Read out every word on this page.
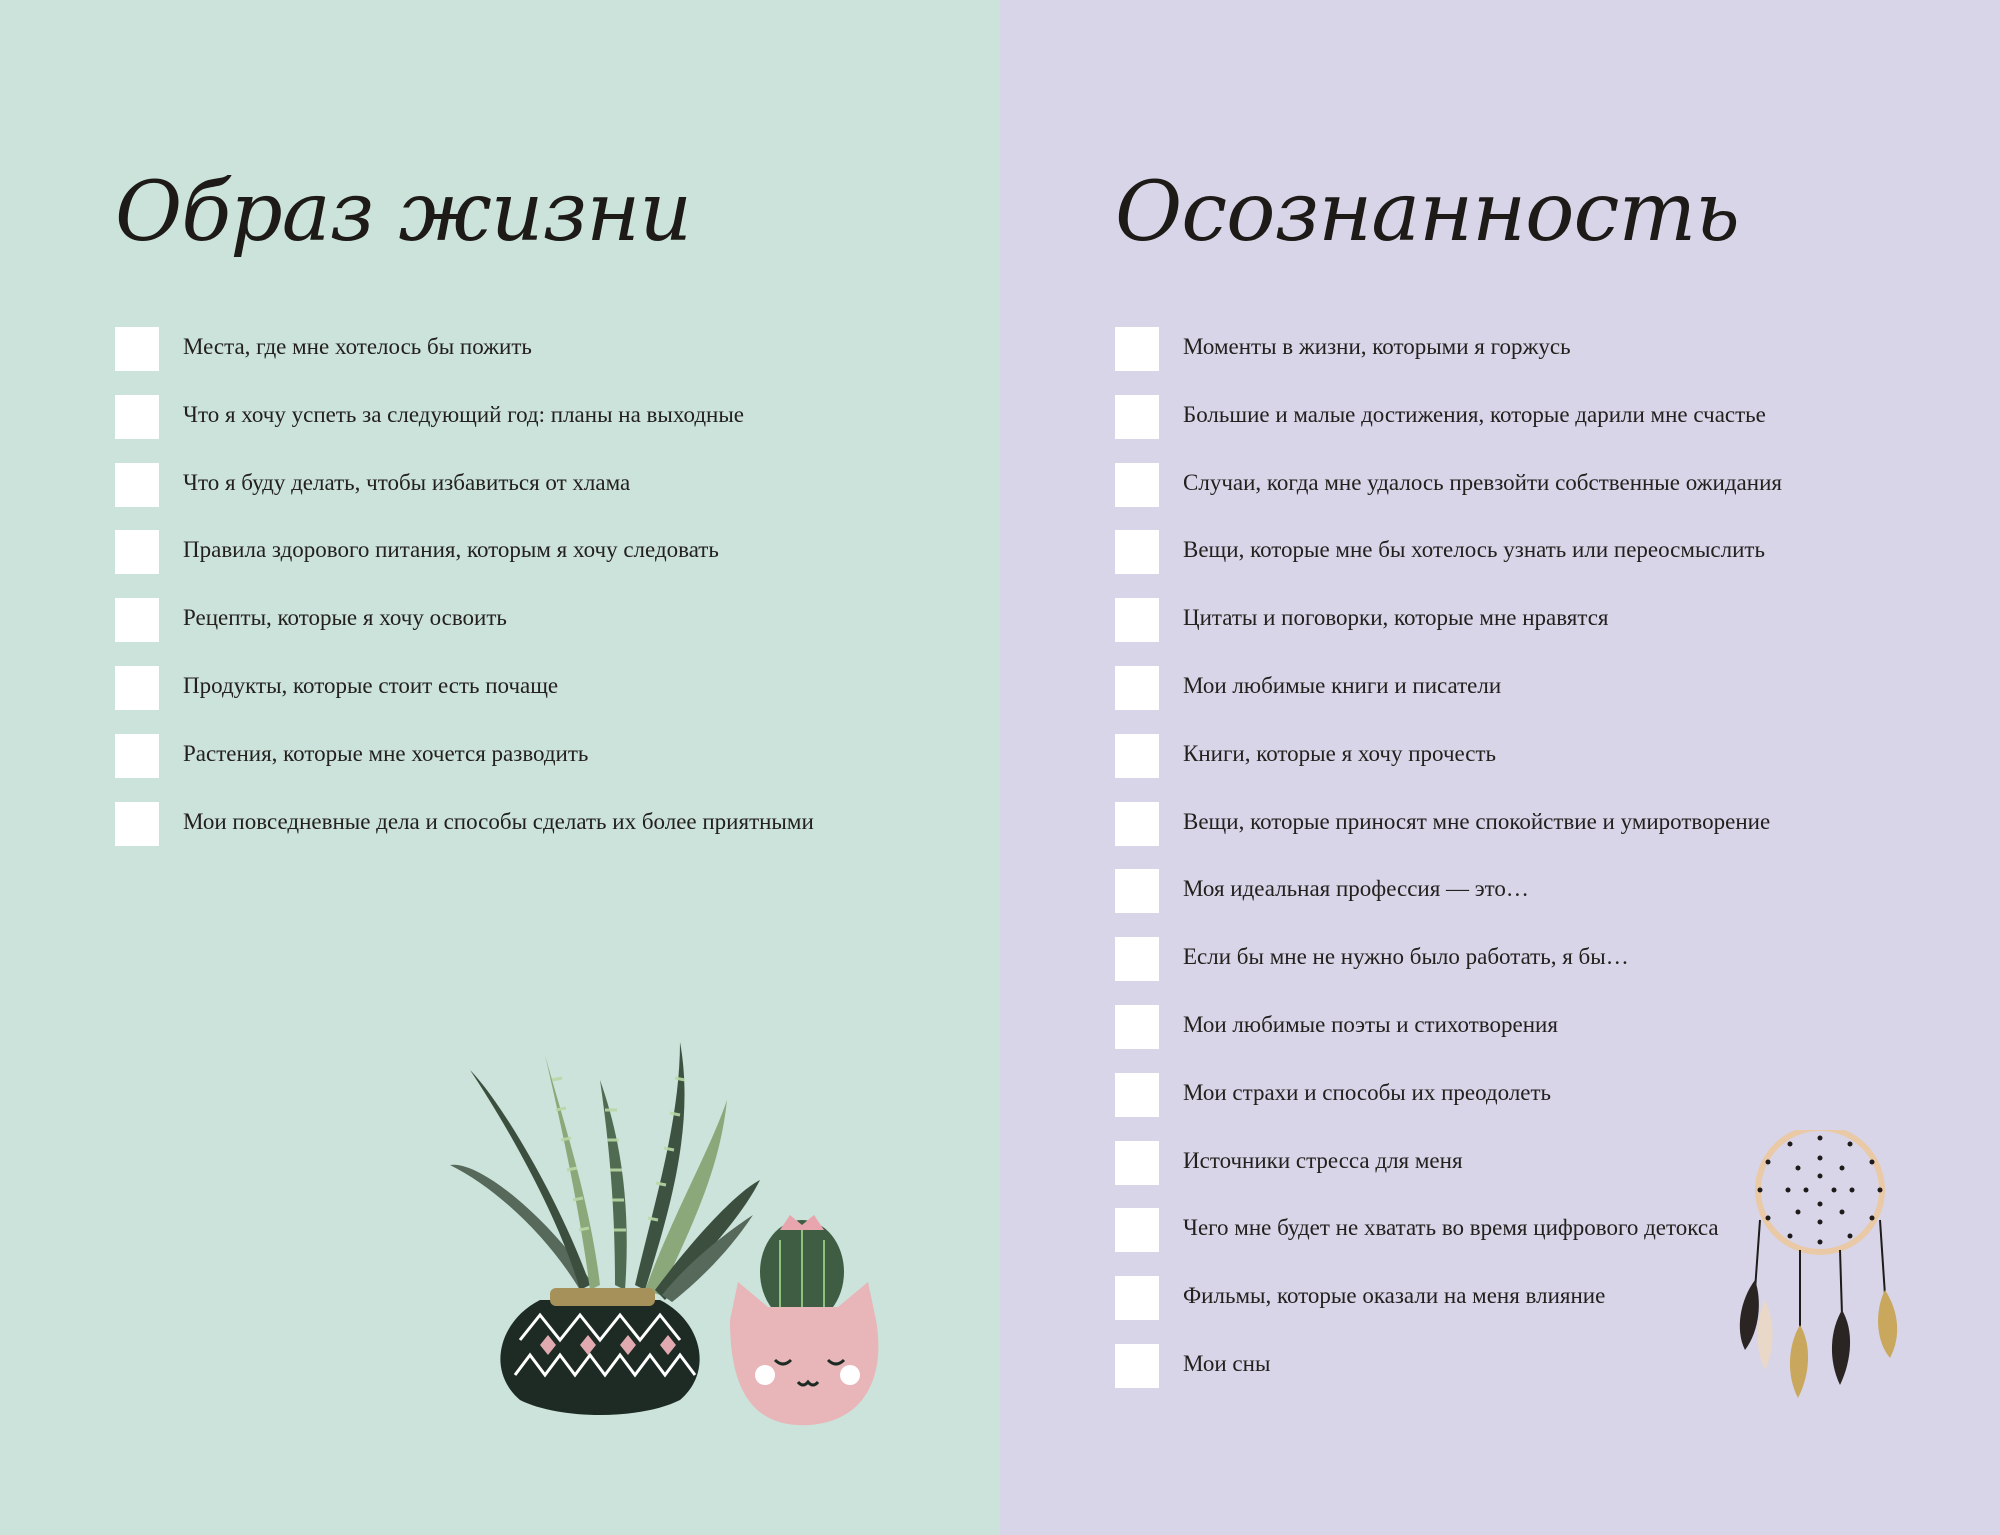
Образ жизни
Места, где мне хотелось бы пожить
Что я хочу успеть за следующий год: планы на выходные
Что я буду делать, чтобы избавиться от хлама
Правила здорового питания, которым я хочу следовать
Рецепты, которые я хочу освоить
Продукты, которые стоит есть почаще
Растения, которые мне хочется разводить
Мои повседневные дела и способы сделать их более приятными
Осознанность
Моменты в жизни, которыми я горжусь
Большие и малые достижения, которые дарили мне счастье
Случаи, когда мне удалось превзойти собственные ожидания
Вещи, которые мне бы хотелось узнать или переосмыслить
Цитаты и поговорки, которые мне нравятся
Мои любимые книги и писатели
Книги, которые я хочу прочесть
Вещи, которые приносят мне спокойствие и умиротворение
Моя идеальная профессия — это…
Если бы мне не нужно было работать, я бы…
Мои любимые поэты и стихотворения
Мои страхи и способы их преодолеть
Источники стресса для меня
Чего мне будет не хватать во время цифрового детокса
Фильмы, которые оказали на меня влияние
Мои сны
